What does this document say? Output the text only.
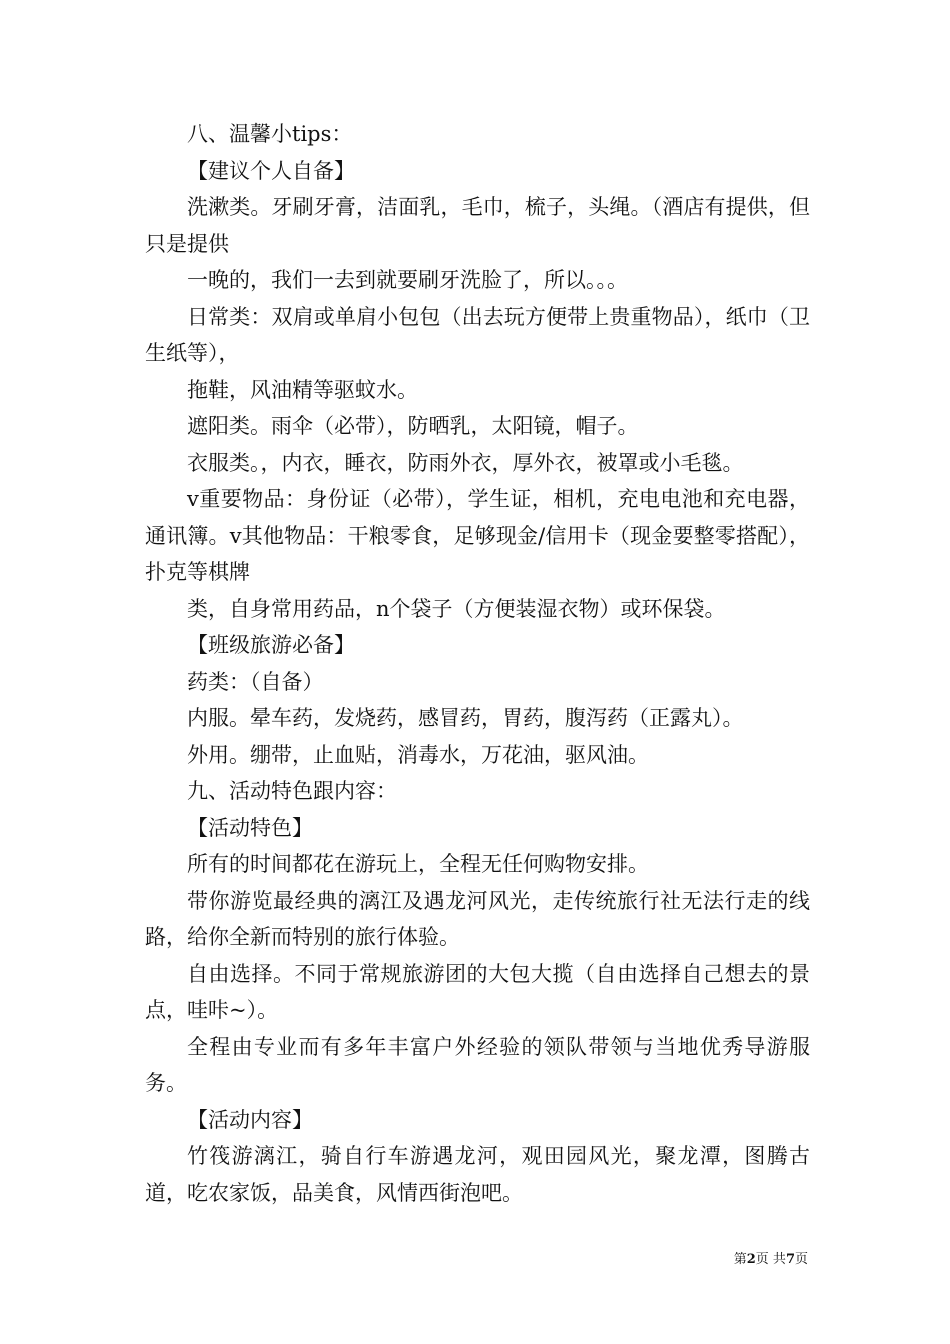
八、温馨小tips：

【建议个人自备】

洗漱类。牙刷牙膏，洁面乳，毛巾，梳子，头绳。（酒店有提供，但只是提供

一晚的，我们一去到就要刷牙洗脸了，所以。。。

日常类：双肩或单肩小包包（出去玩方便带上贵重物品），纸巾（卫生纸等），

拖鞋，风油精等驱蚊水。

遮阳类。雨伞（必带），防晒乳，太阳镜，帽子。

衣服类。，内衣，睡衣，防雨外衣，厚外衣，被罩或小毛毯。

v重要物品：身份证（必带），学生证，相机，充电电池和充电器，通讯簿。v其他物品：干粮零食，足够现金/信用卡（现金要整零搭配），扑克等棋牌

类，自身常用药品，n个袋子（方便装湿衣物）或环保袋。

【班级旅游必备】

药类：（自备）

内服。晕车药，发烧药，感冒药，胃药，腹泻药（正露丸）。

外用。绷带，止血贴，消毒水，万花油，驱风油。

九、活动特色跟内容：

【活动特色】

所有的时间都花在游玩上，全程无任何购物安排。

带你游览最经典的漓江及遇龙河风光，走传统旅行社无法行走的线路，给你全新而特别的旅行体验。

自由选择。不同于常规旅游团的大包大揽（自由选择自己想去的景点，哇咔~）。

全程由专业而有多年丰富户外经验的领队带领与当地优秀导游服务。

【活动内容】

竹筏游漓江，骑自行车游遇龙河，观田园风光，聚龙潭，图腾古道，吃农家饭，品美食，风情西街泡吧。

第2页 共7页
